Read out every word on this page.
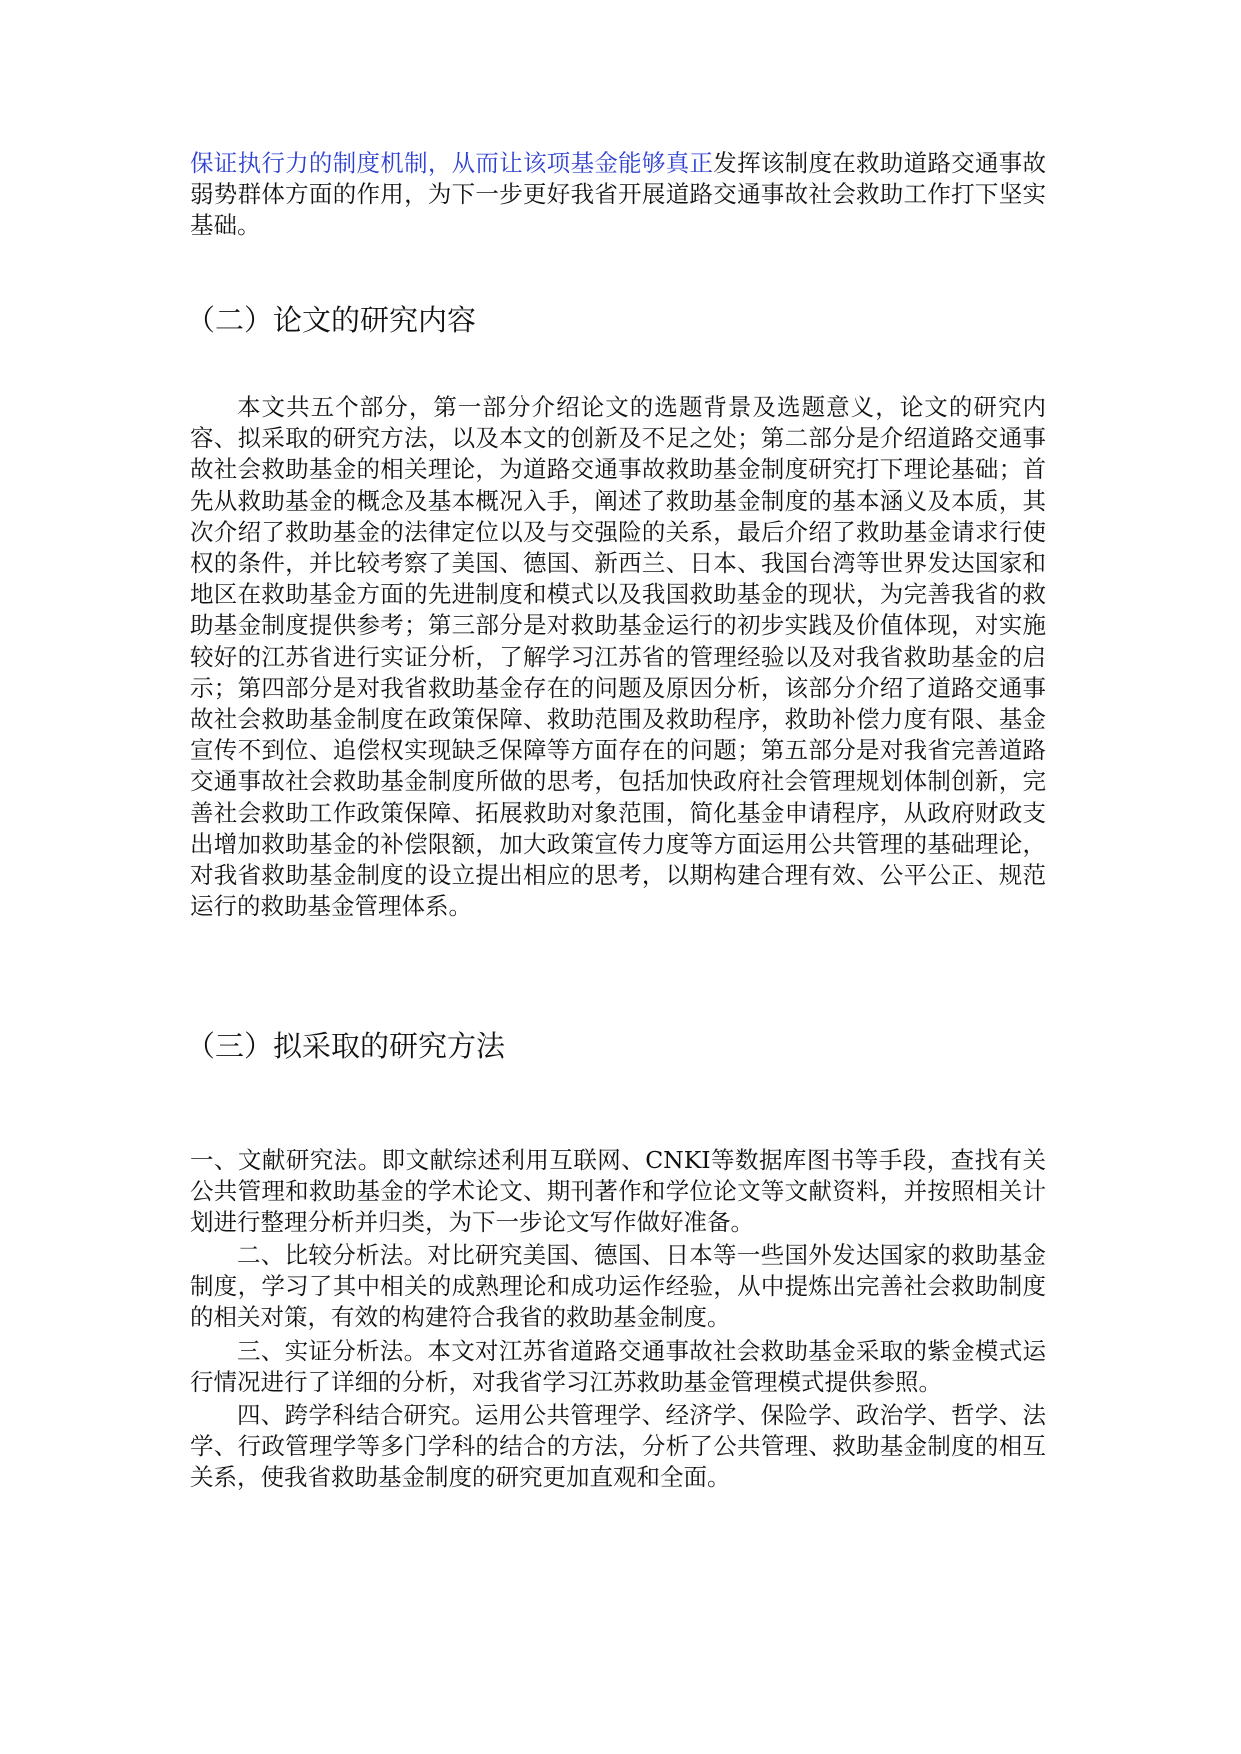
保证执行力的制度机制，从而让该项基金能够真正发挥该制度在救助道路交通事故弱势群体方面的作用，为下一步更好我省开展道路交通事故社会救助工作打下坚实基础。

（二）论文的研究内容

本文共五个部分，第一部分介绍论文的选题背景及选题意义，论文的研究内容、拟采取的研究方法，以及本文的创新及不足之处；第二部分是介绍道路交通事故社会救助基金的相关理论，为道路交通事故救助基金制度研究打下理论基础；首先从救助基金的概念及基本概况入手，阐述了救助基金制度的基本涵义及本质，其次介绍了救助基金的法律定位以及与交强险的关系，最后介绍了救助基金请求行使权的条件，并比较考察了美国、德国、新西兰、日本、我国台湾等世界发达国家和地区在救助基金方面的先进制度和模式以及我国救助基金的现状，为完善我省的救助基金制度提供参考；第三部分是对救助基金运行的初步实践及价值体现，对实施较好的江苏省进行实证分析，了解学习江苏省的管理经验以及对我省救助基金的启示；第四部分是对我省救助基金存在的问题及原因分析，该部分介绍了道路交通事故社会救助基金制度在政策保障、救助范围及救助程序，救助补偿力度有限、基金宣传不到位、追偿权实现缺乏保障等方面存在的问题；第五部分是对我省完善道路交通事故社会救助基金制度所做的思考，包括加快政府社会管理规划体制创新，完善社会救助工作政策保障、拓展救助对象范围，简化基金申请程序，从政府财政支出增加救助基金的补偿限额，加大政策宣传力度等方面运用公共管理的基础理论，对我省救助基金制度的设立提出相应的思考，以期构建合理有效、公平公正、规范运行的救助基金管理体系。

（三）拟采取的研究方法

一、文献研究法。即文献综述利用互联网、CNKI等数据库图书等手段，查找有关公共管理和救助基金的学术论文、期刊著作和学位论文等文献资料，并按照相关计划进行整理分析并归类，为下一步论文写作做好准备。

二、比较分析法。对比研究美国、德国、日本等一些国外发达国家的救助基金制度，学习了其中相关的成熟理论和成功运作经验，从中提炼出完善社会救助制度的相关对策，有效的构建符合我省的救助基金制度。

三、实证分析法。本文对江苏省道路交通事故社会救助基金采取的紫金模式运行情况进行了详细的分析，对我省学习江苏救助基金管理模式提供参照。

四、跨学科结合研究。运用公共管理学、经济学、保险学、政治学、哲学、法学、行政管理学等多门学科的结合的方法，分析了公共管理、救助基金制度的相互关系，使我省救助基金制度的研究更加直观和全面。
